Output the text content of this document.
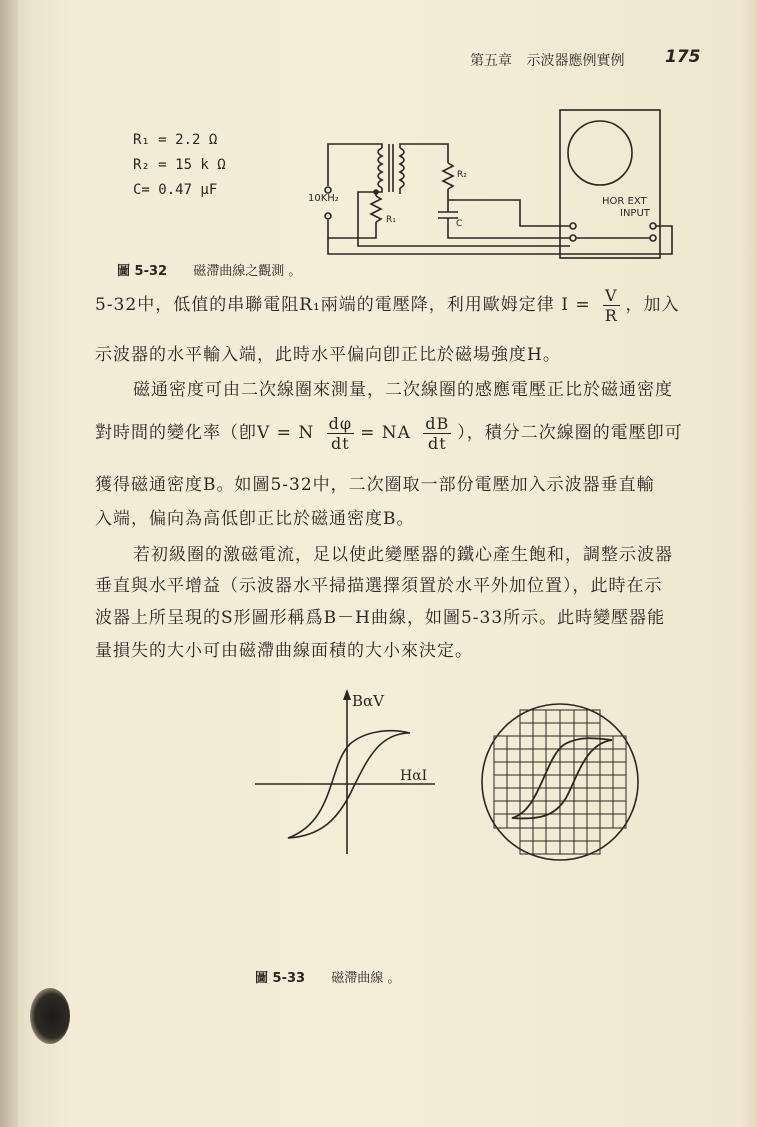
第五章 示波器應例實例	175
R₁ = 2.2 Ω
R₂ = 15 k Ω
C= 0.47 μF
10KH₂
R₂
R₁	C
HOR EXT
INPUT
圖 5-32 磁滯曲線之觀測 。
5-32中，低值的串聯電阻R₁兩端的電壓降，利用歐姆定律 $I = \frac{V}{R}$ ，加入
示波器的水平輸入端，此時水平偏向卽正比於磁場強度H。
磁通密度可由二次線圈來測量，二次線圈的感應電壓正比於磁通密度
對時間的變化率（卽V = N $\frac{d\varphi}{dt}$ = NA $\frac{dB}{dt}$ ），積分二次線圈的電壓卽可
獲得磁通密度B。如圖5-32中，二次圈取一部份電壓加入示波器垂直輸
入端，偏向為高低卽正比於磁通密度B。
若初級圈的激磁電流，足以使此變壓器的鐵心產生飽和，調整示波器
垂直與水平增益（示波器水平掃描選擇須置於水平外加位置），此時在示
波器上所呈現的S形圖形稱爲B－H曲線，如圖5-33所示。此時變壓器能
量損失的大小可由磁滯曲線面積的大小來決定。
BαV
HαI
圖 5-33 磁滯曲線 。
